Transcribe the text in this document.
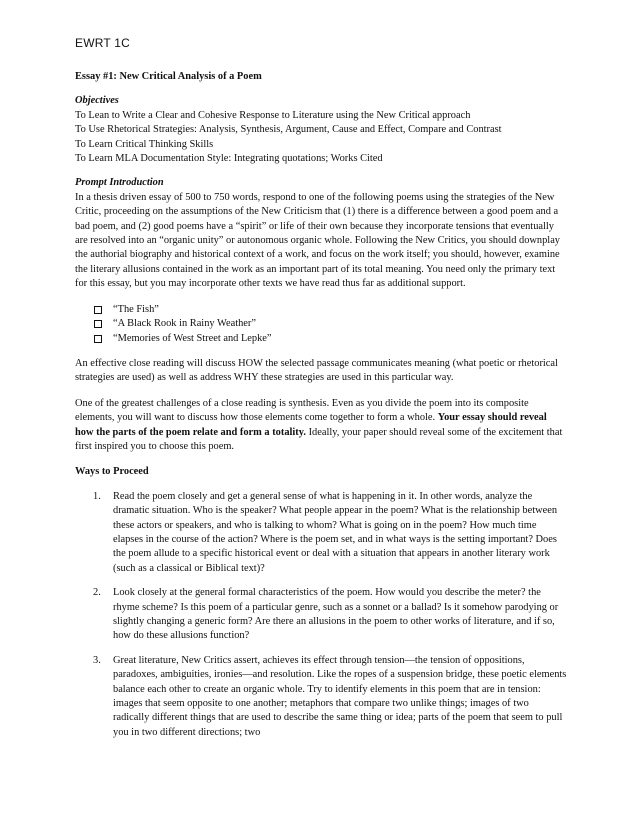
EWRT 1C

Essay #1: New Critical Analysis of a Poem

Objectives

To Lean to Write a Clear and Cohesive Response to Literature using the New Critical approach

To Use Rhetorical Strategies: Analysis, Synthesis, Argument, Cause and Effect, Compare and Contrast

To Learn Critical Thinking Skills

To Learn MLA Documentation Style: Integrating quotations; Works Cited

Prompt Introduction

In a thesis driven essay of 500 to 750 words, respond to one of the following poems using the strategies of the New Critic, proceeding on the assumptions of the New Criticism that (1) there is a difference between a good poem and a bad poem, and (2) good poems have a “spirit” or life of their own because they incorporate tensions that eventually are resolved into an “organic unity” or autonomous organic whole. Following the New Critics, you should downplay the authorial biography and historical context of a work, and focus on the work itself; you should, however, examine the literary allusions contained in the work as an important part of its total meaning. You need only the primary text for this essay, but you may incorporate other texts we have read thus far as additional support.

“The Fish”
“A Black Rook in Rainy Weather”
“Memories of West Street and Lepke”

An effective close reading will discuss HOW the selected passage communicates meaning (what poetic or rhetorical strategies are used) as well as address WHY these strategies are used in this particular way.

One of the greatest challenges of a close reading is synthesis. Even as you divide the poem into its composite elements, you will want to discuss how those elements come together to form a whole. Your essay should reveal how the parts of the poem relate and form a totality. Ideally, your paper should reveal some of the excitement that first inspired you to choose this poem.

Ways to Proceed

1. Read the poem closely and get a general sense of what is happening in it. In other words, analyze the dramatic situation. Who is the speaker? What people appear in the poem? What is the relationship between these actors or speakers, and who is talking to whom? What is going on in the poem? How much time elapses in the course of the action? Where is the poem set, and in what ways is the setting important? Does the poem allude to a specific historical event or deal with a situation that appears in another literary work (such as a classical or Biblical text)?
2. Look closely at the general formal characteristics of the poem. How would you describe the meter? the rhyme scheme? Is this poem of a particular genre, such as a sonnet or a ballad? Is it somehow parodying or slightly changing a generic form? Are there an allusions in the poem to other works of literature, and if so, how do these allusions function?
3. Great literature, New Critics assert, achieves its effect through tension—the tension of oppositions, paradoxes, ambiguities, ironies—and resolution. Like the ropes of a suspension bridge, these poetic elements balance each other to create an organic whole. Try to identify elements in this poem that are in tension: images that seem opposite to one another; metaphors that compare two unlike things; images of two radically different things that are used to describe the same thing or idea; parts of the poem that seem to pull you in two different directions; two
